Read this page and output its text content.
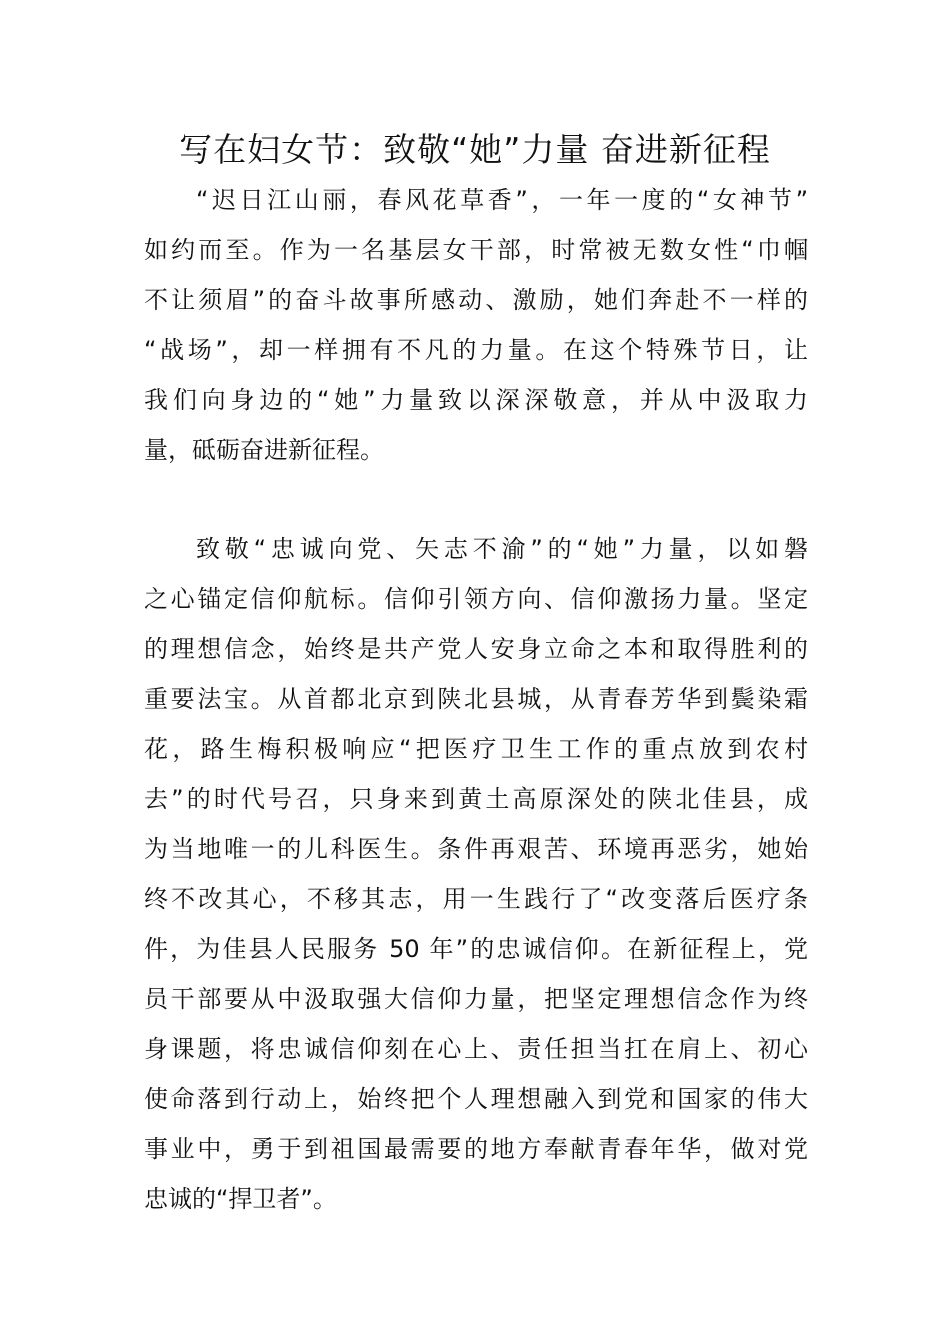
写在妇女节：致敬“她”力量 奋进新征程
“迟日江山丽，春风花草香”，一年一度的“女神节”
如约而至。作为一名基层女干部，时常被无数女性“巾帼
不让须眉”的奋斗故事所感动、激励，她们奔赴不一样的
“战场”，却一样拥有不凡的力量。在这个特殊节日，让
我们向身边的“她”力量致以深深敬意，并从中汲取力
量，砥砺奋进新征程。
致敬“忠诚向党、矢志不渝”的“她”力量，以如磐
之心锚定信仰航标。信仰引领方向、信仰激扬力量。坚定
的理想信念，始终是共产党人安身立命之本和取得胜利的
重要法宝。从首都北京到陕北县城，从青春芳华到鬓染霜
花，路生梅积极响应“把医疗卫生工作的重点放到农村
去”的时代号召，只身来到黄土高原深处的陕北佳县，成
为当地唯一的儿科医生。条件再艰苦、环境再恶劣，她始
终不改其心，不移其志，用一生践行了“改变落后医疗条
件，为佳县人民服务 50 年”的忠诚信仰。在新征程上，党
员干部要从中汲取强大信仰力量，把坚定理想信念作为终
身课题，将忠诚信仰刻在心上、责任担当扛在肩上、初心
使命落到行动上，始终把个人理想融入到党和国家的伟大
事业中，勇于到祖国最需要的地方奉献青春年华，做对党
忠诚的“捍卫者”。
